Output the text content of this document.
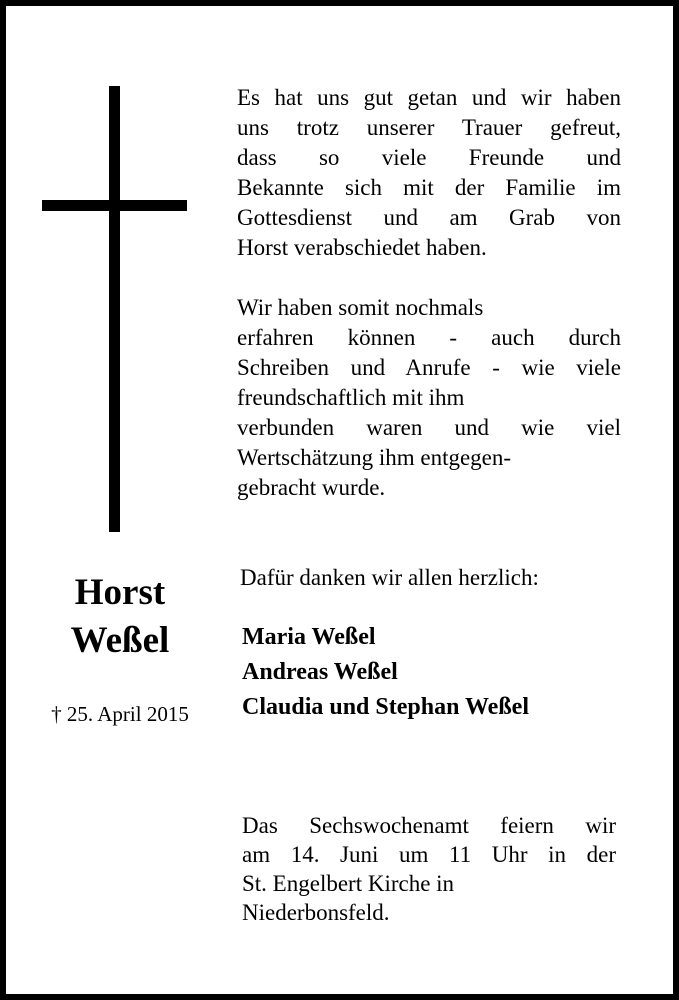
Horst
Weßel
† 25. April 2015
Es hat uns gut getan und wir haben
uns trotz unserer Trauer gefreut,
dass so viele Freunde und
Bekannte sich mit der Familie im
Gottesdienst und am Grab von
Horst verabschiedet haben.
Wir haben somit nochmals
erfahren können - auch durch
Schreiben und Anrufe - wie viele
freundschaftlich mit ihm
verbunden waren und wie viel
Wertschätzung ihm entgegen-
gebracht wurde.
Dafür danken wir allen herzlich:
Maria Weßel
Andreas Weßel
Claudia und Stephan Weßel
Das Sechswochenamt feiern wir
am 14. Juni um 11 Uhr in der
St. Engelbert Kirche in
Niederbonsfeld.
